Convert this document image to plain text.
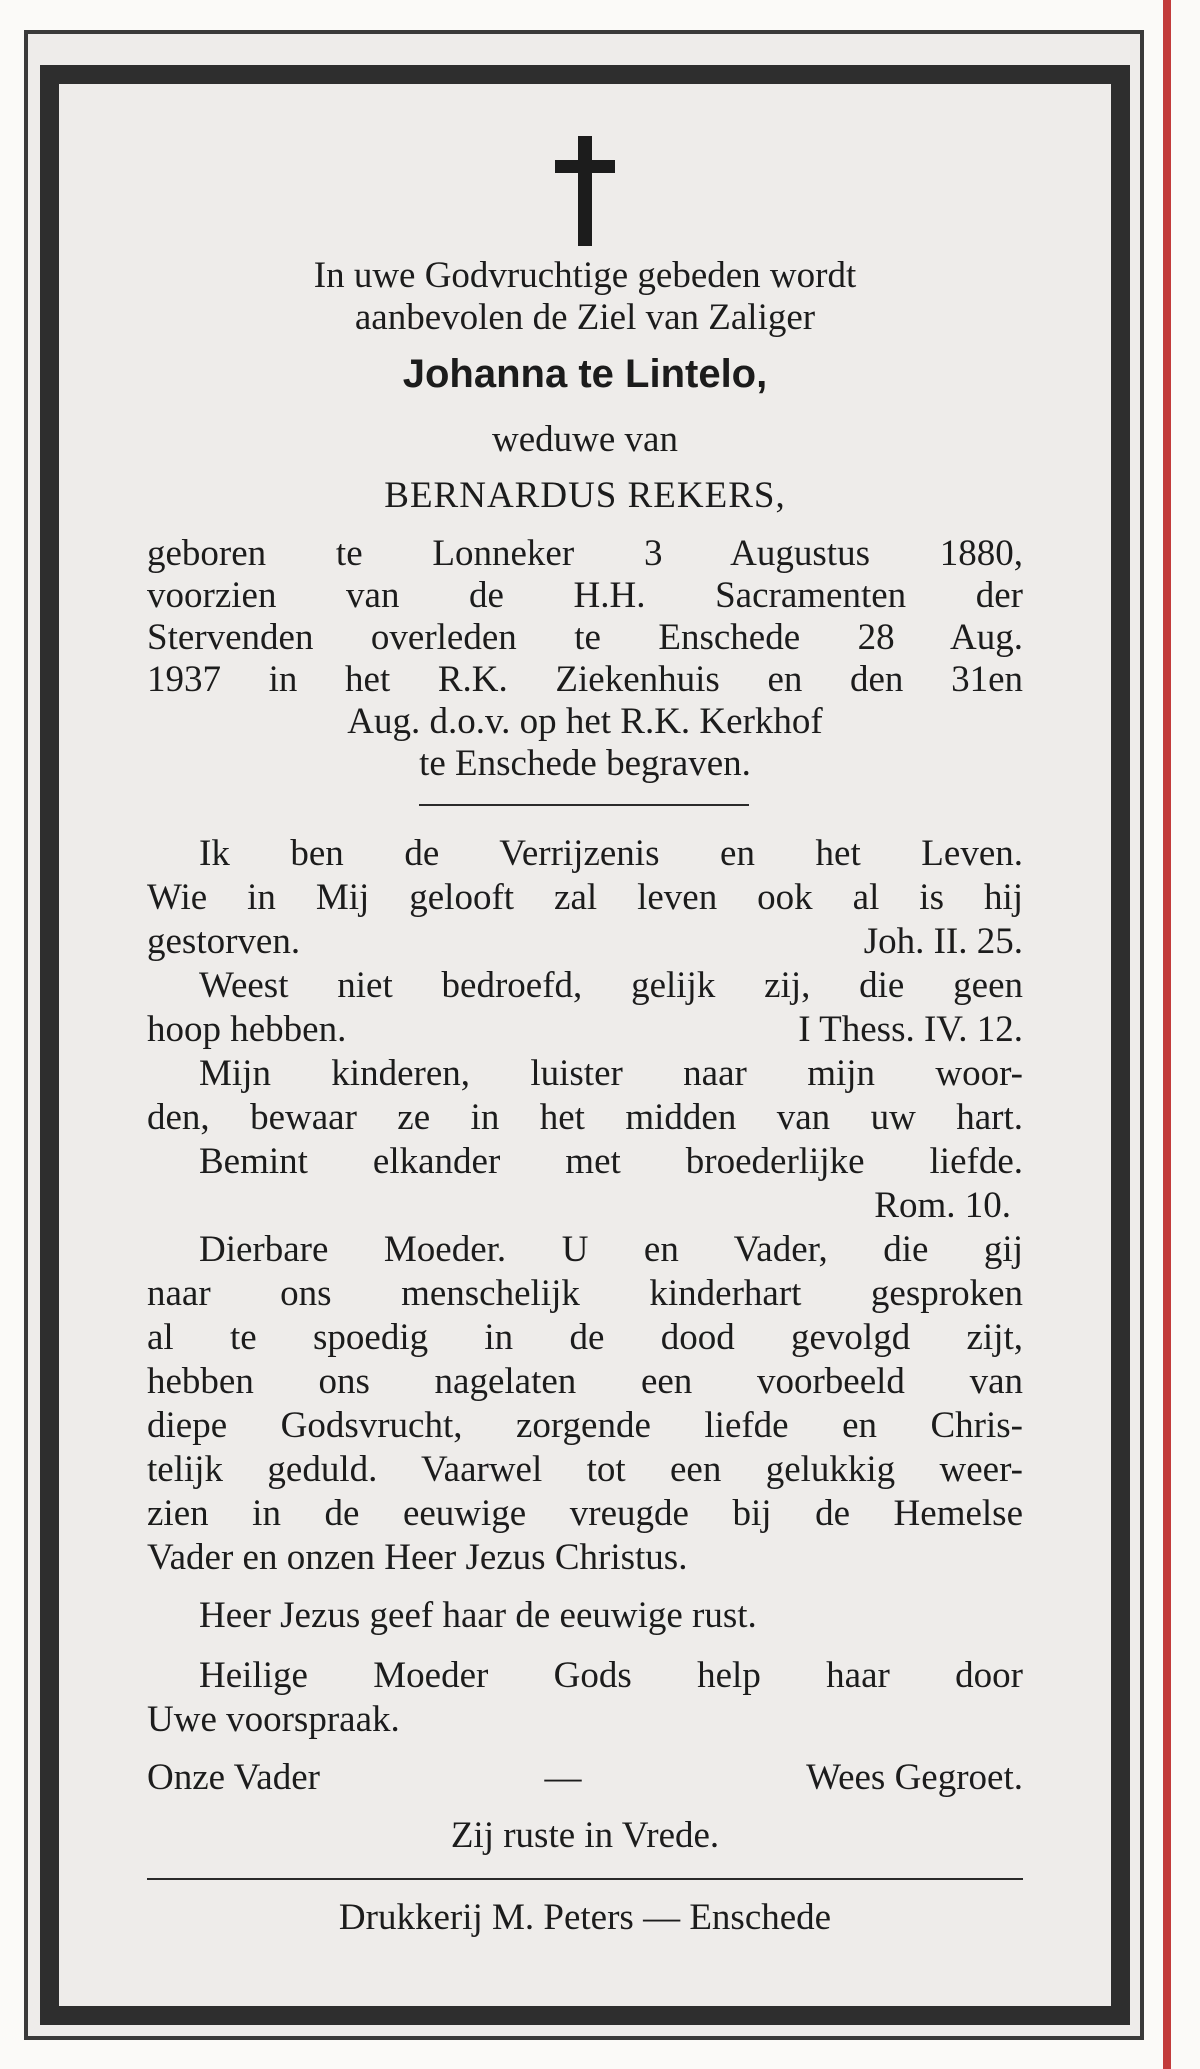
In uwe Godvruchtige gebeden wordt
aanbevolen de Ziel van Zaliger
Johanna te Lintelo,
weduwe van
BERNARDUS REKERS,
geboren te Lonneker 3 Augustus 1880,
voorzien van de H.H. Sacramenten der
Stervenden overleden te Enschede 28 Aug.
1937 in het R.K. Ziekenhuis en den 31en
Aug. d.o.v. op het R.K. Kerkhof
te Enschede begraven.
Ik ben de Verrijzenis en het Leven.
Wie in Mij gelooft zal leven ook al is hij
gestorven.	Joh. II. 25.
Weest niet bedroefd, gelijk zij, die geen
hoop hebben.	I Thess. IV. 12.
Mijn kinderen, luister naar mijn woor-
den, bewaar ze in het midden van uw hart.
Bemint elkander met broederlijke liefde.
Rom. 10.
Dierbare Moeder. U en Vader, die gij
naar ons menschelijk kinderhart gesproken
al te spoedig in de dood gevolgd zijt,
hebben ons nagelaten een voorbeeld van
diepe Godsvrucht, zorgende liefde en Chris-
telijk geduld. Vaarwel tot een gelukkig weer-
zien in de eeuwige vreugde bij de Hemelse
Vader en onzen Heer Jezus Christus.
Heer Jezus geef haar de eeuwige rust.
Heilige Moeder Gods help haar door
Uwe voorspraak.
Onze Vader	—	Wees Gegroet.
Zij ruste in Vrede.
Drukkerij M. Peters — Enschede
